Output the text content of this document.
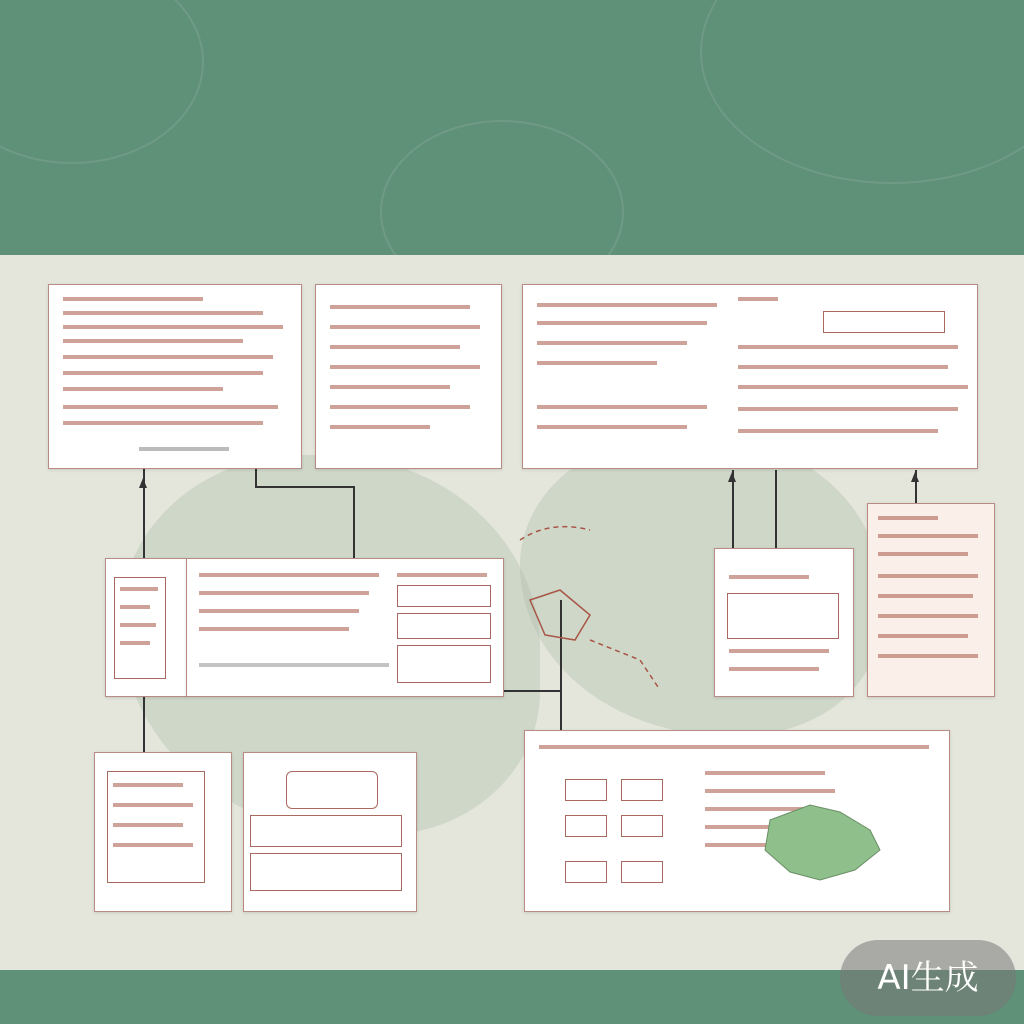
AI生成
